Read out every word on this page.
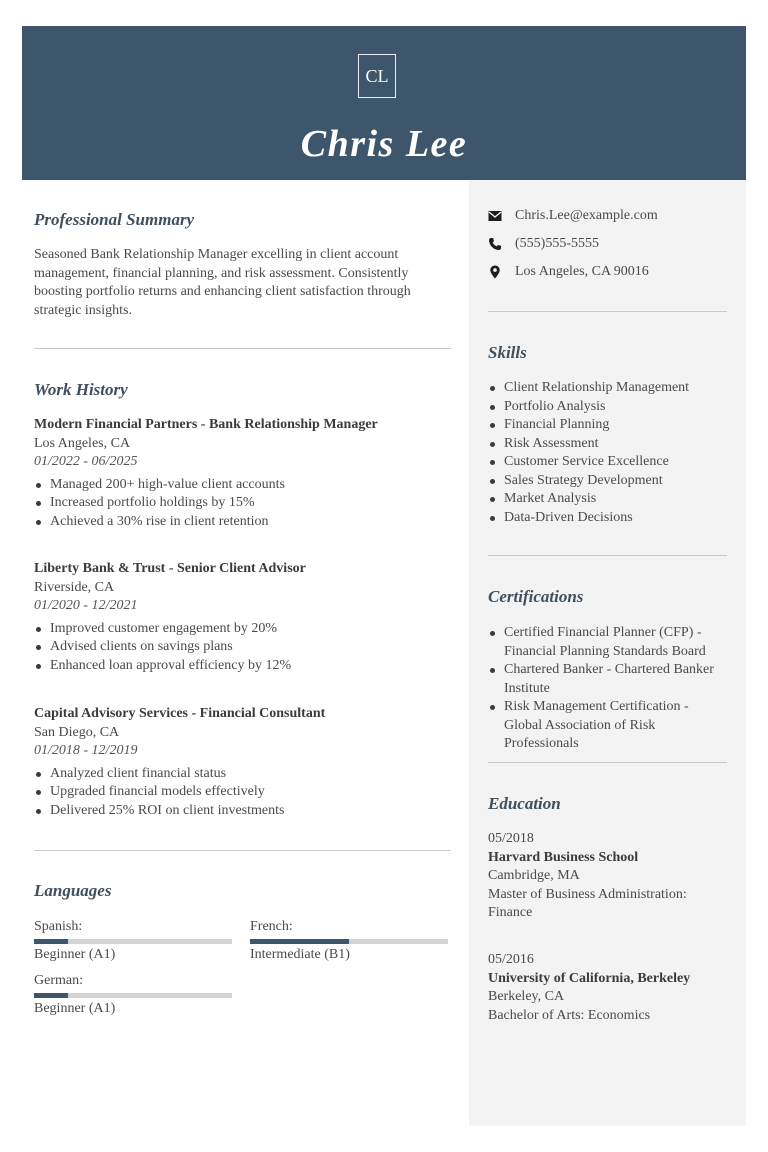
CL
Chris Lee
Professional Summary
Seasoned Bank Relationship Manager excelling in client account management, financial planning, and risk assessment. Consistently boosting portfolio returns and enhancing client satisfaction through strategic insights.
Work History
Modern Financial Partners - Bank Relationship Manager
Los Angeles, CA
01/2022 - 06/2025
Managed 200+ high-value client accounts
Increased portfolio holdings by 15%
Achieved a 30% rise in client retention
Liberty Bank & Trust - Senior Client Advisor
Riverside, CA
01/2020 - 12/2021
Improved customer engagement by 20%
Advised clients on savings plans
Enhanced loan approval efficiency by 12%
Capital Advisory Services - Financial Consultant
San Diego, CA
01/2018 - 12/2019
Analyzed client financial status
Upgraded financial models effectively
Delivered 25% ROI on client investments
Languages
Spanish:
Beginner (A1)
French:
Intermediate (B1)
German:
Beginner (A1)
Chris.Lee@example.com
(555)555-5555
Los Angeles, CA 90016
Skills
Client Relationship Management
Portfolio Analysis
Financial Planning
Risk Assessment
Customer Service Excellence
Sales Strategy Development
Market Analysis
Data-Driven Decisions
Certifications
Certified Financial Planner (CFP) - Financial Planning Standards Board
Chartered Banker - Chartered Banker Institute
Risk Management Certification - Global Association of Risk Professionals
Education
05/2018
Harvard Business School
Cambridge, MA
Master of Business Administration: Finance
05/2016
University of California, Berkeley
Berkeley, CA
Bachelor of Arts: Economics
